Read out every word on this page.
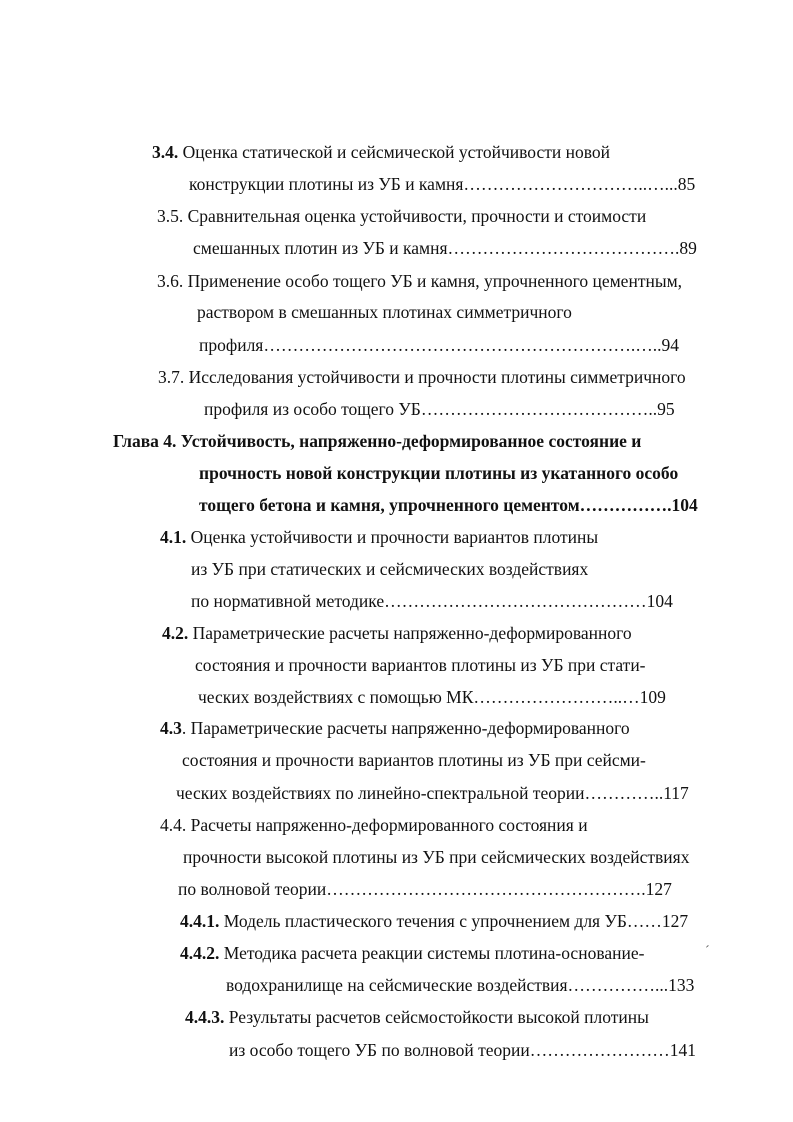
3.4. Оценка статической и сейсмической устойчивости новой
конструкции плотины из УБ и камня…………………………..…...85
3.5. Сравнительная оценка устойчивости, прочности и стоимости
смешанных плотин из УБ и камня………………………………….89
3.6. Применение особо тощего УБ и камня, упрочненного цементным,
раствором в смешанных плотинах симметричного
профиля……………………………………………………….…..94
3.7. Исследования устойчивости и прочности плотины симметричного
профиля из особо тощего УБ…………………………………..95
Глава 4. Устойчивость, напряженно-деформированное состояние и
прочность новой конструкции плотины из укатанного особо
тощего бетона и камня, упрочненного цементом…………….104
4.1. Оценка устойчивости и прочности вариантов плотины
из УБ при статических и сейсмических воздействиях
по нормативной методике………………………………………104
4.2. Параметрические расчеты напряженно-деформированного
состояния и прочности вариантов плотины из УБ при стати-
ческих воздействиях с помощью МК……………………..…109
4.3. Параметрические расчеты напряженно-деформированного
состояния и прочности вариантов плотины из УБ при сейсми-
ческих воздействиях по линейно-спектральной теории…………..117
4.4. Расчеты напряженно-деформированного состояния и
прочности высокой плотины из УБ при сейсмических воздействиях
по волновой теории……………………………………………….127
4.4.1. Модель пластического течения с упрочнением для УБ……127
4.4.2. Методика расчета реакции системы плотина-основание-
водохранилище на сейсмические воздействия……………...133
4.4.3. Результаты расчетов сейсмостойкости высокой плотины
из особо тощего УБ по волновой теории……………………141
ˊ
